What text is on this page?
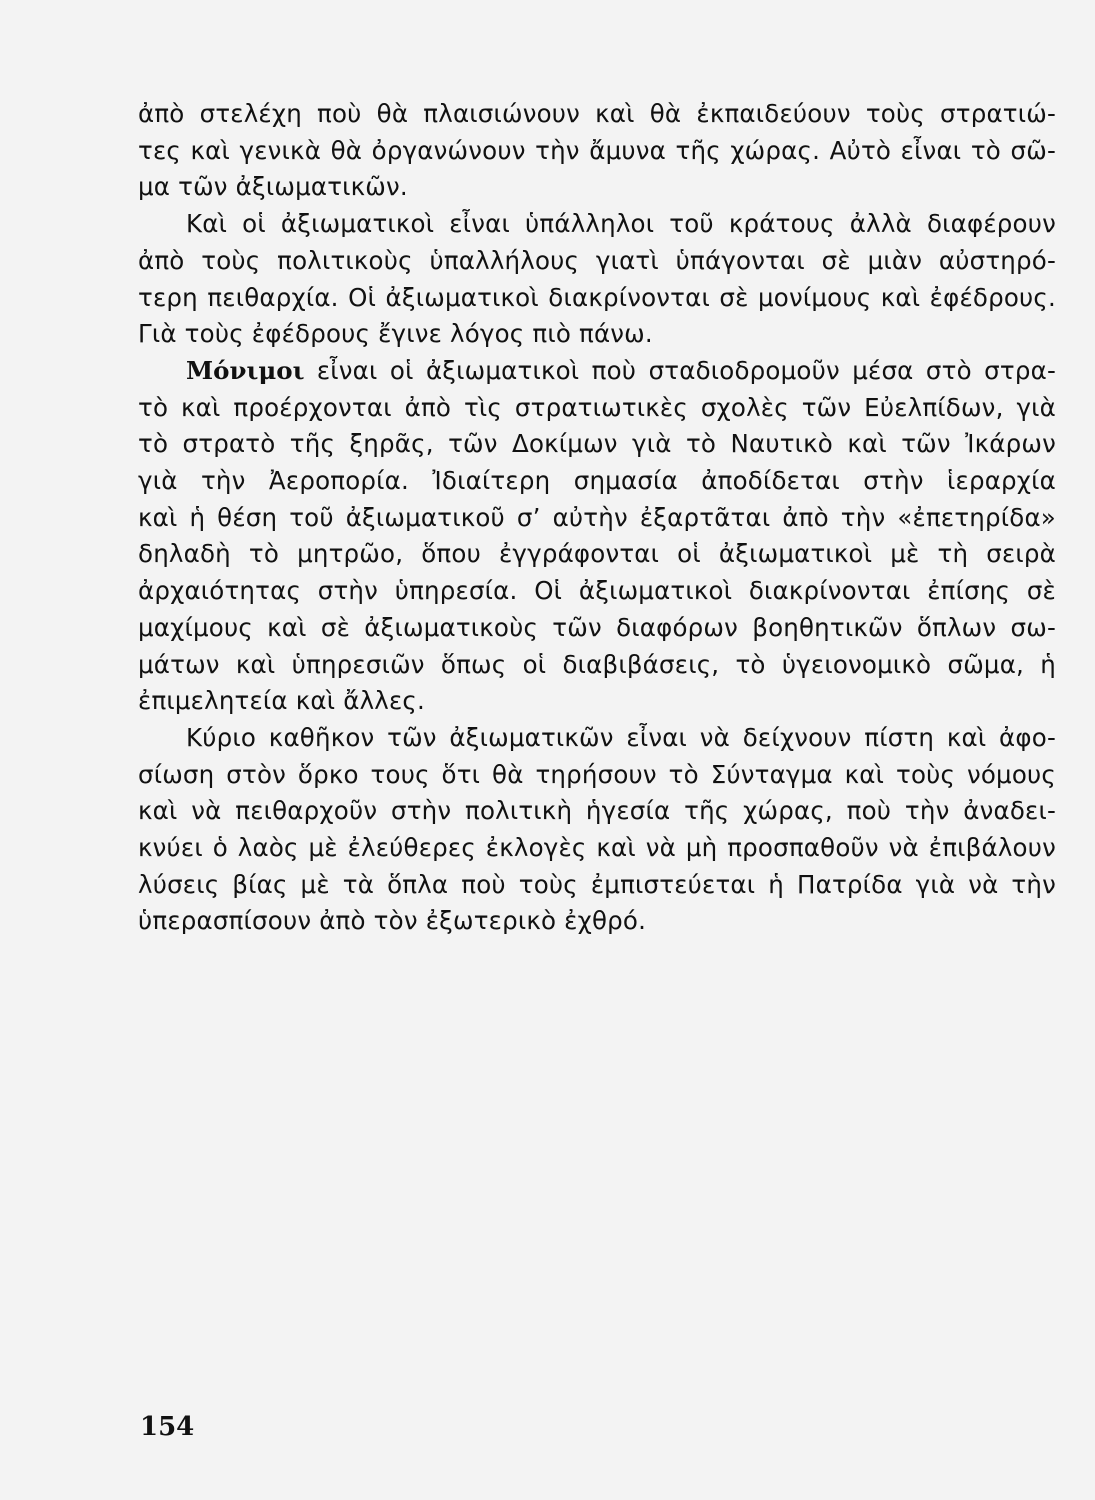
ἀπὸ στελέχη ποὺ θὰ πλαισιώνουν καὶ θὰ ἐκπαιδεύουν τοὺς στρατιώ-
τες καὶ γενικὰ θὰ ὀργανώνουν τὴν ἄμυνα τῆς χώρας. Αὐτὸ εἶναι τὸ σῶ-
μα τῶν ἀξιωματικῶν.

Καὶ οἱ ἀξιωματικοὶ εἶναι ὑπάλληλοι τοῦ κράτους ἀλλὰ διαφέρουν
ἀπὸ τοὺς πολιτικοὺς ὑπαλλήλους γιατὶ ὑπάγονται σὲ μιὰν αὐστηρό-
τερη πειθαρχία. Οἱ ἀξιωματικοὶ διακρίνονται σὲ μονίμους καὶ ἐφέδρους.
Γιὰ τοὺς ἐφέδρους ἔγινε λόγος πιὸ πάνω.

Μόνιμοι εἶναι οἱ ἀξιωματικοὶ ποὺ σταδιοδρομοῦν μέσα στὸ στρα-
τὸ καὶ προέρχονται ἀπὸ τὶς στρατιωτικὲς σχολὲς τῶν Εὐελπίδων, γιὰ
τὸ στρατὸ τῆς ξηρᾶς, τῶν Δοκίμων γιὰ τὸ Ναυτικὸ καὶ τῶν Ἰκάρων
γιὰ τὴν Ἀεροπορία. Ἰδιαίτερη σημασία ἀποδίδεται στὴν ἱεραρχία
καὶ ἡ θέση τοῦ ἀξιωματικοῦ σ’ αὐτὴν ἐξαρτᾶται ἀπὸ τὴν «ἐπετηρίδα»
δηλαδὴ τὸ μητρῶο, ὅπου ἐγγράφονται οἱ ἀξιωματικοὶ μὲ τὴ σειρὰ
ἀρχαιότητας στὴν ὑπηρεσία. Οἱ ἀξιωματικοὶ διακρίνονται ἐπίσης σὲ
μαχίμους καὶ σὲ ἀξιωματικοὺς τῶν διαφόρων βοηθητικῶν ὅπλων σω-
μάτων καὶ ὑπηρεσιῶν ὅπως οἱ διαβιβάσεις, τὸ ὑγειονομικὸ σῶμα, ἡ
ἐπιμελητεία καὶ ἄλλες.

Κύριο καθῆκον τῶν ἀξιωματικῶν εἶναι νὰ δείχνουν πίστη καὶ ἀφο-
σίωση στὸν ὅρκο τους ὅτι θὰ τηρήσουν τὸ Σύνταγμα καὶ τοὺς νόμους
καὶ νὰ πειθαρχοῦν στὴν πολιτικὴ ἡγεσία τῆς χώρας, ποὺ τὴν ἀναδει-
κνύει ὁ λαὸς μὲ ἐλεύθερες ἐκλογὲς καὶ νὰ μὴ προσπαθοῦν νὰ ἐπιβάλουν
λύσεις βίας μὲ τὰ ὅπλα ποὺ τοὺς ἐμπιστεύεται ἡ Πατρίδα γιὰ νὰ τὴν
ὑπερασπίσουν ἀπὸ τὸν ἐξωτερικὸ ἐχθρό.

154
